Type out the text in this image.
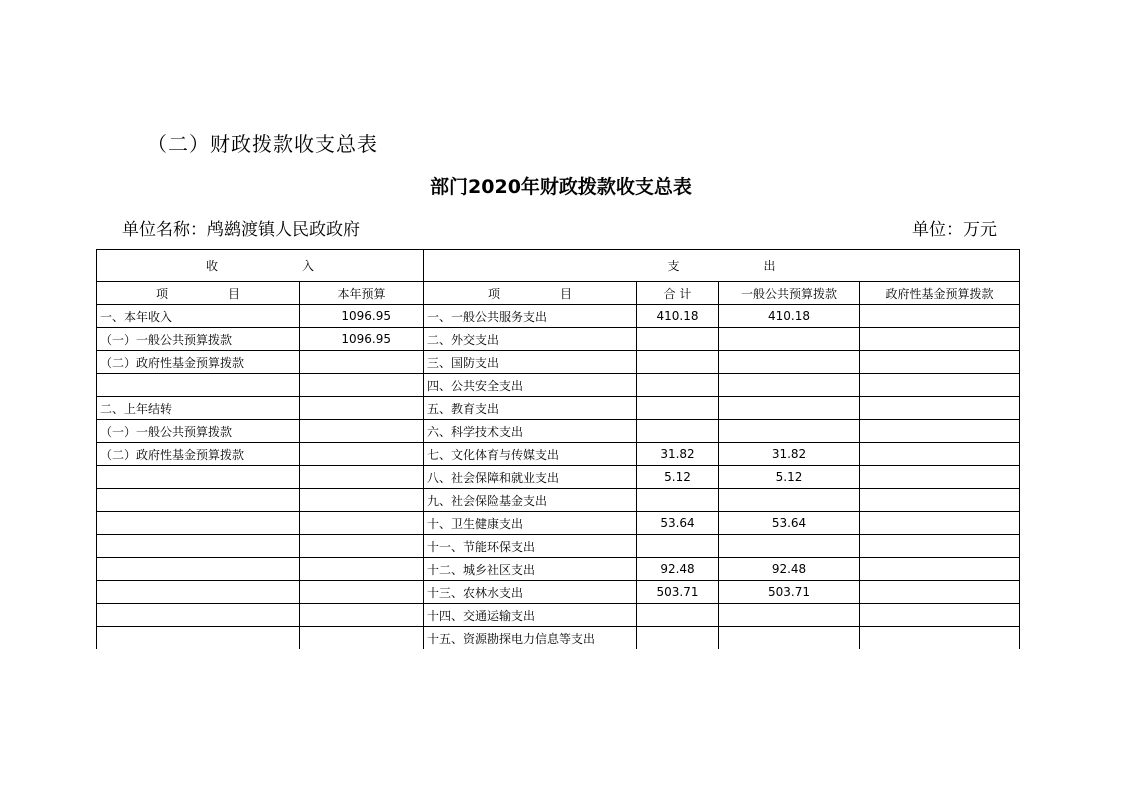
（二）财政拨款收支总表
部门2020年财政拨款收支总表
单位名称：鸬鹚渡镇人民政政府	单位：万元
收　　　　　　　入		支　　　　　　　出			
项　　　　　目	本年预算	项　　　　　目	合 计	一般公共预算拨款	政府性基金预算拨款
一、本年收入	1096.95	一、一般公共服务支出	410.18	410.18	
（一）一般公共预算拨款	1096.95	二、外交支出			
（二）政府性基金预算拨款		三、国防支出			
		四、公共安全支出			
二、上年结转		五、教育支出			
（一）一般公共预算拨款		六、科学技术支出			
（二）政府性基金预算拨款		七、文化体育与传媒支出	31.82	31.82	
		八、社会保障和就业支出	5.12	5.12	
		九、社会保险基金支出			
		十、卫生健康支出	53.64	53.64	
		十一、节能环保支出			
		十二、城乡社区支出	92.48	92.48	
		十三、农林水支出	503.71	503.71	
		十四、交通运输支出			
		十五、资源勘探电力信息等支出			
